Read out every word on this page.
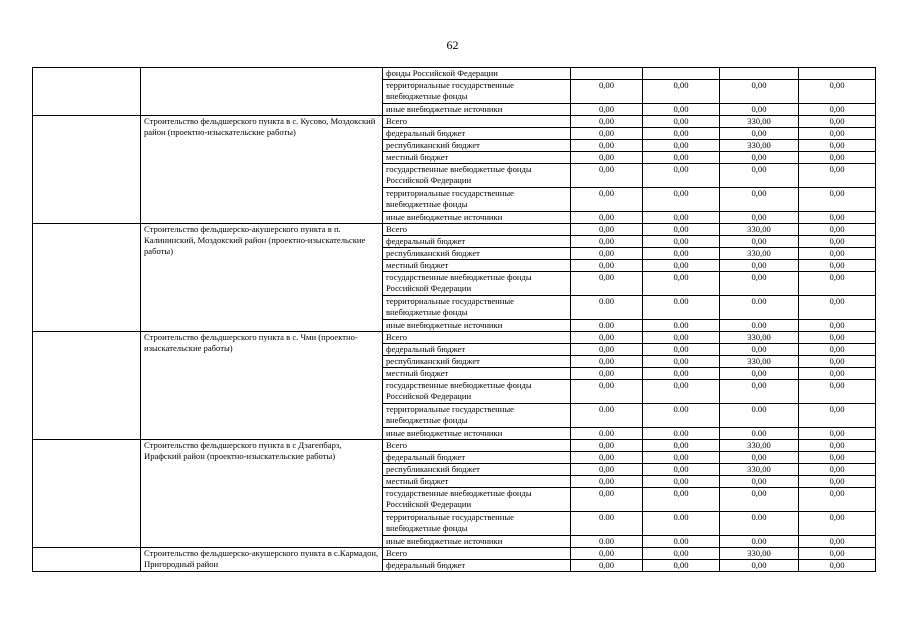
62
		фонды Российской Федерации				
		территориальные государственные внебюджетные фонды	0,00	0,00	0,00	0,00
		иные внебюджетные источники	0,00	0,00	0,00	0,00
	Строительство фельдшерского пункта в с. Кусово, Моздокский район (проектно-изыскательские работы)	Всего	0,00	0,00	330,00	0,00
		федеральный бюджет	0,00	0,00	0,00	0,00
		республиканский бюджет	0,00	0,00	330,00	0,00
		местный бюджет	0,00	0,00	0,00	0,00
		государственные внебюджетные фонды Российской Федерации	0,00	0,00	0,00	0,00
		территориальные государственные внебюджетные фонды	0,00	0,00	0,00	0,00
		иные внебюджетные источники	0,00	0,00	0,00	0,00
	Строительство фельдшерско-акушерского пункта в п. Калининский, Моздокский район (проектно-изыскательские работы)	Всего	0,00	0,00	330,00	0,00
		федеральный бюджет	0,00	0,00	0,00	0,00
		республиканский бюджет	0,00	0,00	330,00	0,00
		местный бюджет	0,00	0,00	0,00	0,00
		государственные внебюджетные фонды Российской Федерации	0,00	0,00	0,00	0,00
		территориальные государственные внебюджетные фонды	0.00	0.00	0.00	0,00
		иные внебюджетные источники	0.00	0.00	0.00	0,00
	Строительство фельдшерского пункта в с. Чми (проектно-изыскательские работы)	Всего	0,00	0,00	330,00	0,00
		федеральный бюджет	0,00	0,00	0,00	0,00
		республиканский бюджет	0,00	0,00	330,00	0,00
		местный бюджет	0,00	0,00	0,00	0,00
		государственные внебюджетные фонды Российской Федерации	0,00	0,00	0,00	0,00
		территориальные государственные внебюджетные фонды	0.00	0.00	0.00	0,00
		иные внебюджетные источники	0.00	0.00	0.00	0,00
	Строительство фельдшерского пункта в с Дзагепбарз, Ирафский район (проектно-изыскательские работы)	Всего	0,00	0,00	330,00	0,00
		федеральный бюджет	0,00	0,00	0,00	0,00
		республиканский бюджет	0,00	0,00	330,00	0,00
		местный бюджет	0,00	0,00	0,00	0,00
		государственные внебюджетные фонды Российской Федерации	0,00	0,00	0,00	0,00
		территориальные государственные внебюджетные фонды	0.00	0.00	0.00	0,00
		иные внебюджетные источники	0.00	0.00	0.00	0,00
	Строительство фельдшерско-акушерского пункта в с.Кармадон, Пригородный район	Всего	0,00	0,00	330,00	0,00
		федеральный бюджет	0,00	0,00	0,00	0,00
